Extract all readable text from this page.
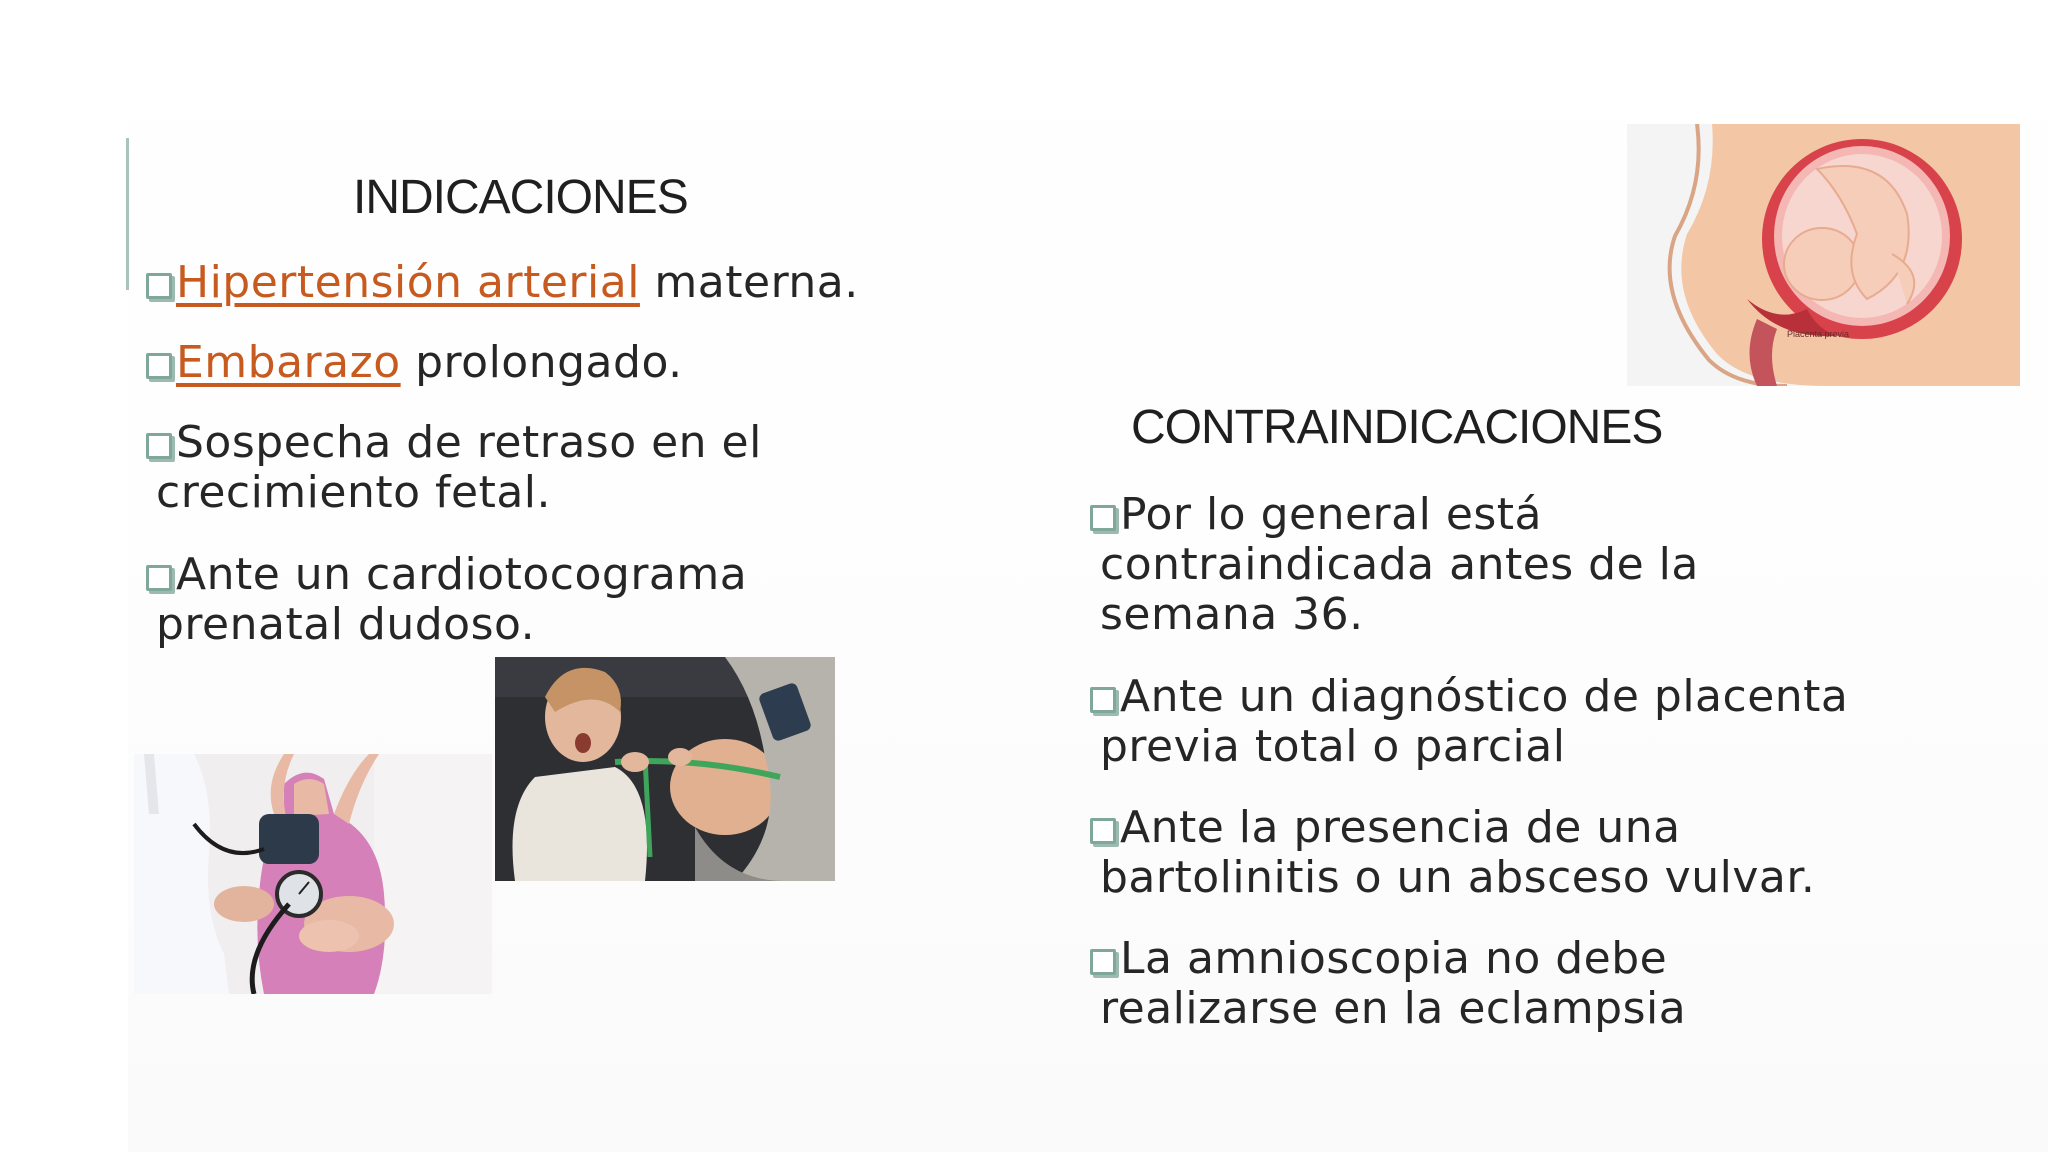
INDICACIONES
Hipertensión arterial materna.
Embarazo prolongado.
Sospecha de retraso en el
crecimiento fetal.
Ante un cardiotocograma
prenatal dudoso.
CONTRAINDICACIONES
Por lo general está
contraindicada antes de la
semana 36.
Ante un diagnóstico de placenta
previa total o parcial
Ante la presencia de una
bartolinitis o un absceso vulvar.
La amnioscopia no debe
realizarse en la eclampsia
Placenta previa
